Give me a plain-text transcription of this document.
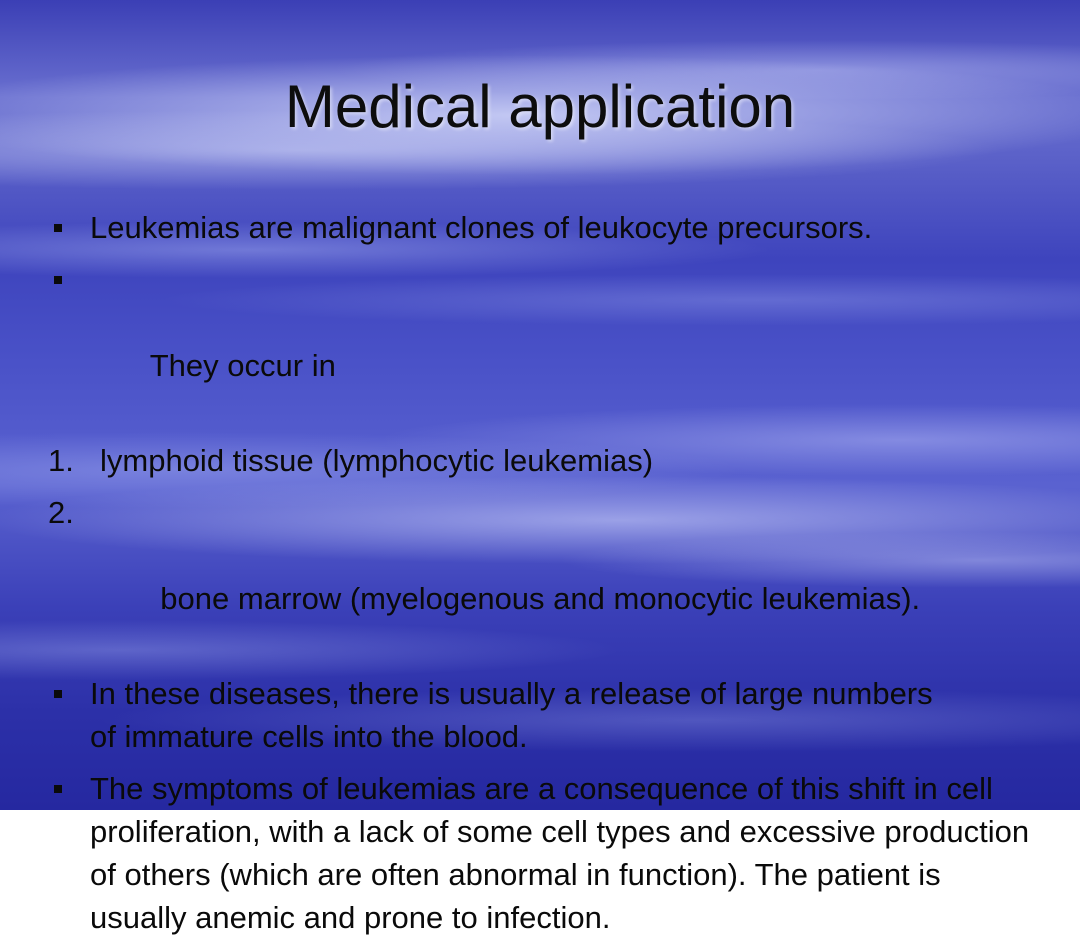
Medical application
Leukemias are malignant clones of leukocyte precursors.

They occur in

1. lymphoid tissue (lymphocytic leukemias)

2.

bone marrow (myelogenous and monocytic leukemias).

In these diseases, there is usually a release of large numbers of immature cells into the blood.
The symptoms of leukemias are a consequence of this shift in cell proliferation, with a lack of some cell types and excessive production of others (which are often abnormal in function). The patient is usually anemic and prone to infection.
